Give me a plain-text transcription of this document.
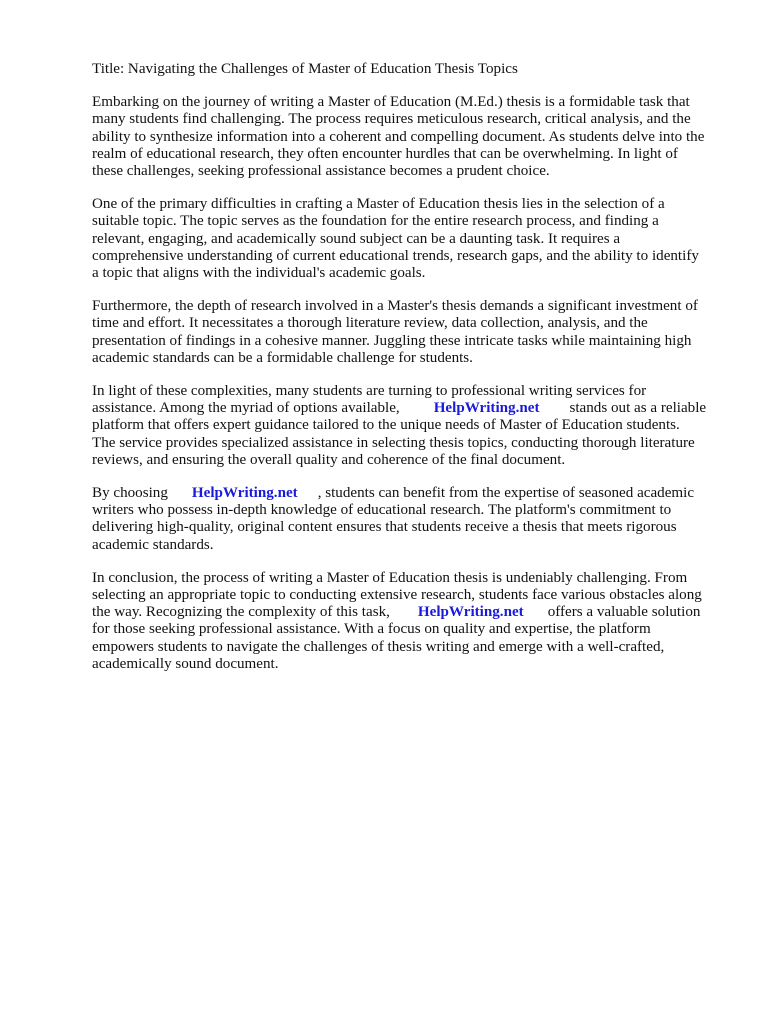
Title: Navigating the Challenges of Master of Education Thesis Topics

Embarking on the journey of writing a Master of Education (M.Ed.) thesis is a formidable task that

many students find challenging. The process requires meticulous research, critical analysis, and the

ability to synthesize information into a coherent and compelling document. As students delve into the

realm of educational research, they often encounter hurdles that can be overwhelming. In light of

these challenges, seeking professional assistance becomes a prudent choice.

One of the primary difficulties in crafting a Master of Education thesis lies in the selection of a

suitable topic. The topic serves as the foundation for the entire research process, and finding a

relevant, engaging, and academically sound subject can be a daunting task. It requires a

comprehensive understanding of current educational trends, research gaps, and the ability to identify

a topic that aligns with the individual's academic goals.

Furthermore, the depth of research involved in a Master's thesis demands a significant investment of

time and effort. It necessitates a thorough literature review, data collection, analysis, and the

presentation of findings in a cohesive manner. Juggling these intricate tasks while maintaining high

academic standards can be a formidable challenge for students.

In light of these complexities, many students are turning to professional writing services for

assistance. Among the myriad of options available, HelpWriting.net stands out as a reliable

platform that offers expert guidance tailored to the unique needs of Master of Education students.

The service provides specialized assistance in selecting thesis topics, conducting thorough literature

reviews, and ensuring the overall quality and coherence of the final document.

By choosing HelpWriting.net , students can benefit from the expertise of seasoned academic

writers who possess in-depth knowledge of educational research. The platform's commitment to

delivering high-quality, original content ensures that students receive a thesis that meets rigorous

academic standards.

In conclusion, the process of writing a Master of Education thesis is undeniably challenging. From

selecting an appropriate topic to conducting extensive research, students face various obstacles along

the way. Recognizing the complexity of this task, HelpWriting.net offers a valuable solution

for those seeking professional assistance. With a focus on quality and expertise, the platform

empowers students to navigate the challenges of thesis writing and emerge with a well-crafted,

academically sound document.
